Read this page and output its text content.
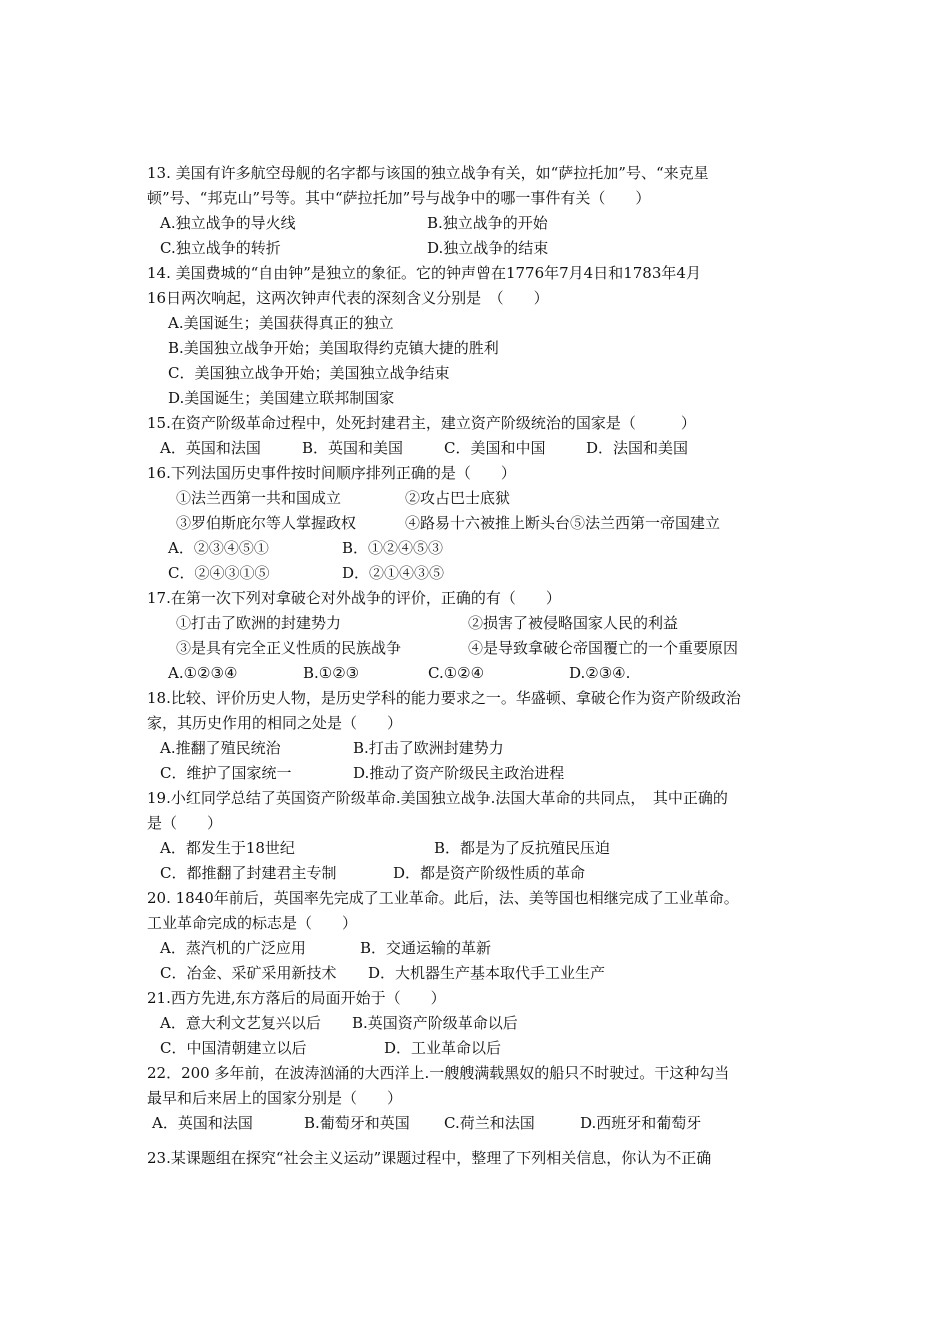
13. 美国有许多航空母舰的名字都与该国的独立战争有关，如“萨拉托加”号、“来克星
顿”号、“邦克山”号等。其中“萨拉托加”号与战争中的哪一事件有关（　　）
A.独立战争的导火线	B.独立战争的开始
C.独立战争的转折	D.独立战争的结束
14. 美国费城的“自由钟”是独立的象征。它的钟声曾在1776年7月4日和1783年4月
16日两次响起，这两次钟声代表的深刻含义分别是　（　　）
A.美国诞生；美国获得真正的独立
B.美国独立战争开始；美国取得约克镇大捷的胜利
C．美国独立战争开始；美国独立战争结束
D.美国诞生；美国建立联邦制国家
15.在资产阶级革命过程中，处死封建君主，建立资产阶级统治的国家是（　　　）
A．英国和法国	B．英国和美国	C．美国和中国	D．法国和美国
16.下列法国历史事件按时间顺序排列正确的是（　　）
①法兰西第一共和国成立	②攻占巴士底狱
③罗伯斯庇尔等人掌握政权	④路易十六被推上断头台⑤法兰西第一帝国建立
A．②③④⑤①	B．①②④⑤③
C．②④③①⑤	D．②①④③⑤
17.在第一次下列对拿破仑对外战争的评价，正确的有（　　）
①打击了欧洲的封建势力	②损害了被侵略国家人民的利益
③是具有完全正义性质的民族战争	④是导致拿破仑帝国覆亡的一个重要原因
A.①②③④	B.①②③	C.①②④	D.②③④.
18.比较、评价历史人物，是历史学科的能力要求之一。华盛顿、拿破仑作为资产阶级政治
家，其历史作用的相同之处是（　　）
A.推翻了殖民统治	B.打击了欧洲封建势力
C．维护了国家统一	D.推动了资产阶级民主政治进程
19.小红同学总结了英国资产阶级革命.美国独立战争.法国大革命的共同点，　其中正确的
是（　　）
A．都发生于18世纪	B．都是为了反抗殖民压迫
C．都推翻了封建君主专制	D．都是资产阶级性质的革命
20. 1840年前后，英国率先完成了工业革命。此后，法、美等国也相继完成了工业革命。
工业革命完成的标志是（　　）
A．蒸汽机的广泛应用	B．交通运输的革新
C．冶金、采矿采用新技术 D．大机器生产基本取代手工业生产
21.西方先进,东方落后的局面开始于（　　）
A．意大利文艺复兴以后 B.英国资产阶级革命以后
C．中国清朝建立以后	D．工业革命以后
22．200 多年前，在波涛汹涌的大西洋上.一艘艘满载黑奴的船只不时驶过。干这种勾当
最早和后来居上的国家分别是（　　）
A．英国和法国	B.葡萄牙和英国 C.荷兰和法国	D.西班牙和葡萄牙
23.某课题组在探究“社会主义运动”课题过程中，整理了下列相关信息，你认为不正确
